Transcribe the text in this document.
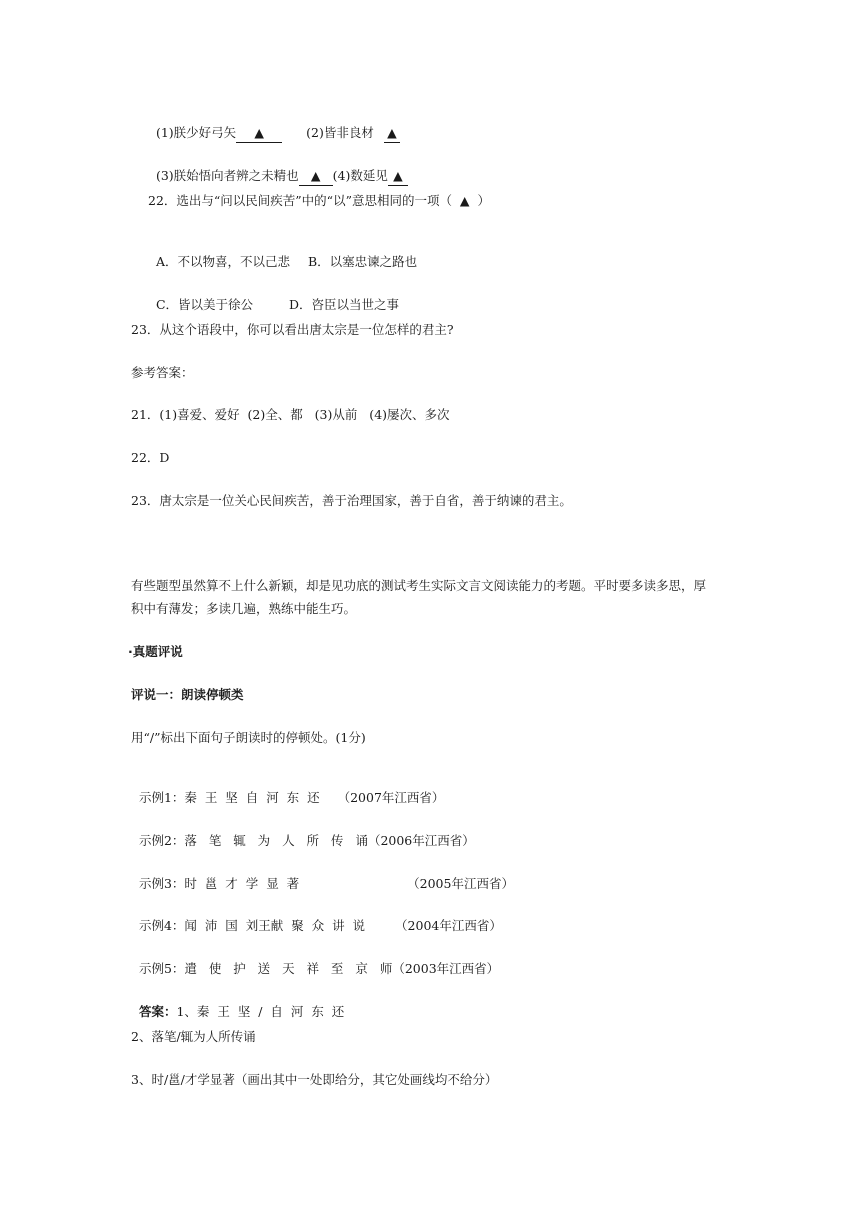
(1)朕少好弓矢 ▲	(2)皆非良材 ▲

(3)朕始悟向者辨之未精也 ▲ (4)数延见 ▲

22．选出与“问以民间疾苦”中的“以”意思相同的一项（  ▲  ）

A．不以物喜，不以己悲 B．以塞忠谏之路也

C．皆以美于徐公	D．咨臣以当世之事

23．从这个语段中，你可以看出唐太宗是一位怎样的君主?
参考答案：
21．(1)喜爱、爱好  (2)全、都   (3)从前   (4)屡次、多次
22．D
23．唐太宗是一位关心民间疾苦，善于治理国家，善于自省，善于纳谏的君主。
有些题型虽然算不上什么新颖，却是见功底的测试考生实际文言文阅读能力的考题。平时要多读多思，厚
积中有薄发；多读几遍，熟练中能生巧。
·真题评说
评说一：朗读停顿类
用“/”标出下面句子朗读时的停顿处。(1分)

示例1：秦  王  坚  自  河  东  还 （2007年江西省）

示例2：落   笔   辄   为   人   所   传 诵（2006年江西省）

示例3：时  邕  才  学  显  著	（2005年江西省）

示例4：闻  沛  国  刘王献  聚  众  讲  说 （2004年江西省）

示例5：遣   使   护   送   天   祥   至   京 师（2003年江西省）

答案：1、秦  王  坚  /  自  河  东  还

2、落笔/辄为人所传诵
3、时/邕/才学显著（画出其中一处即给分，其它处画线均不给分）
